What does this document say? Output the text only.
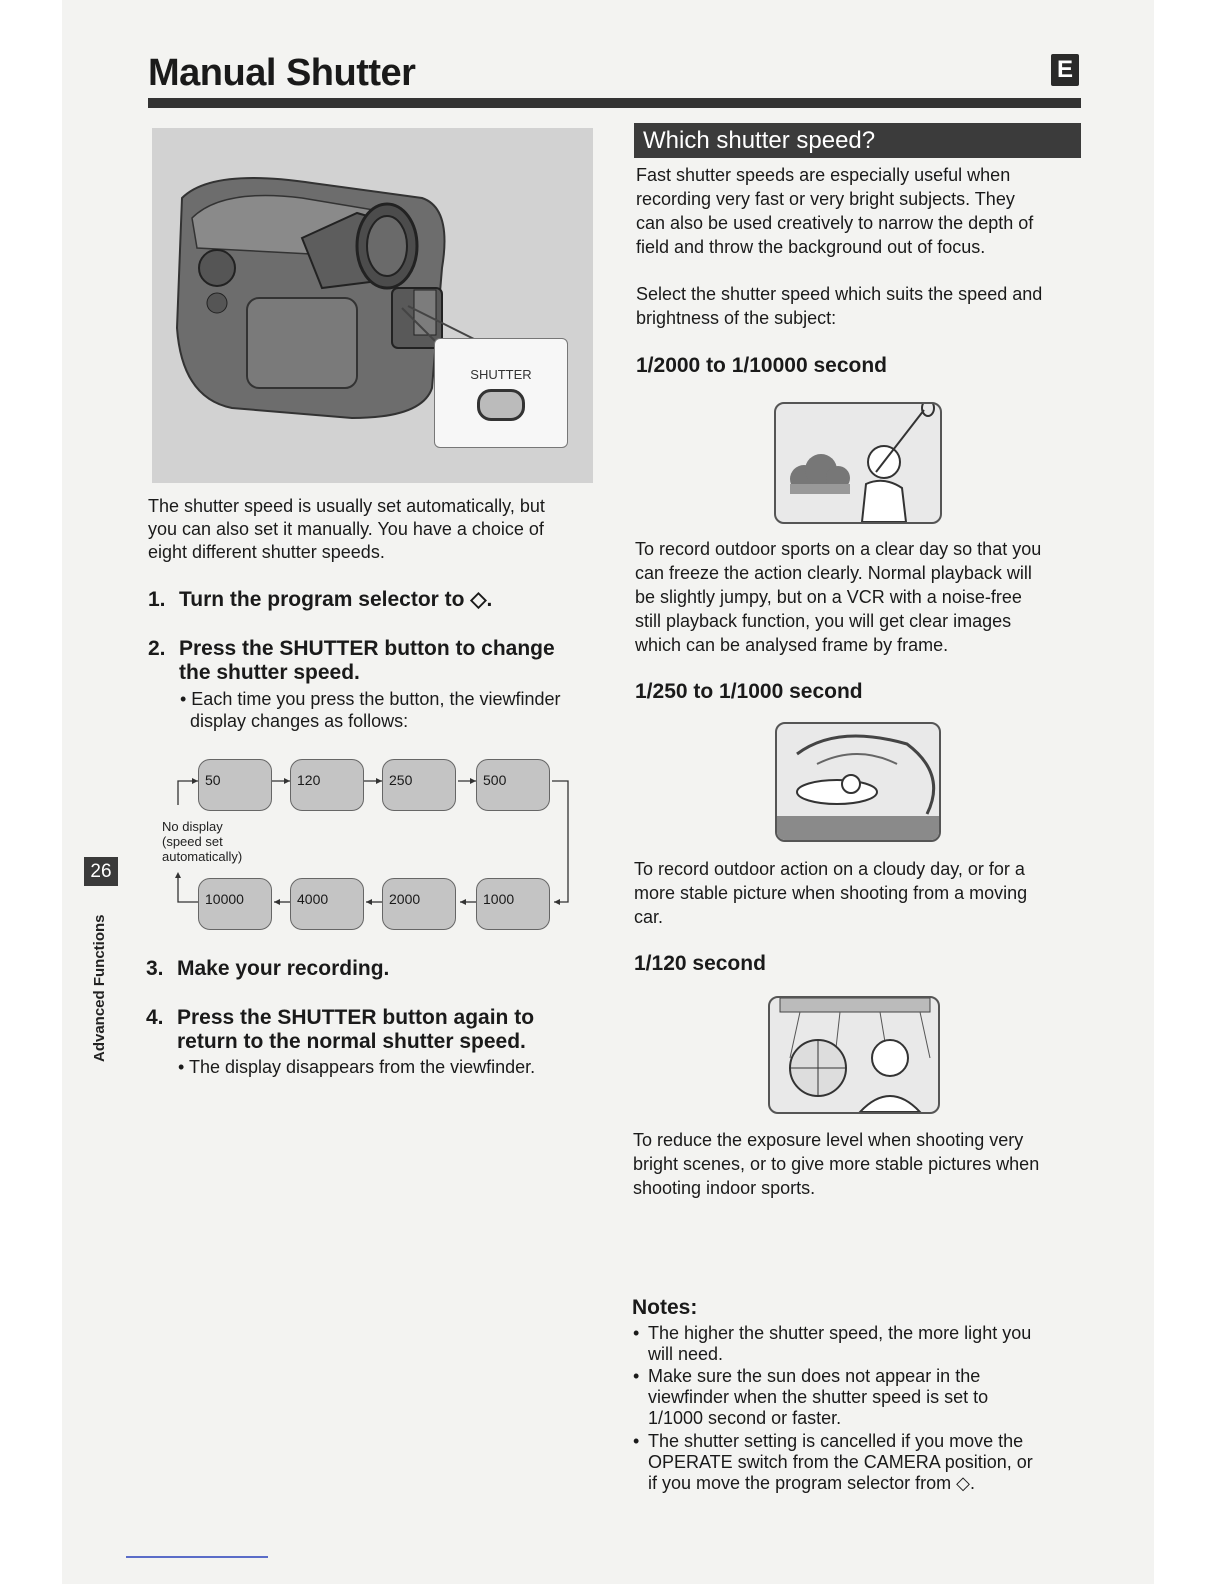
Manual Shutter	E
SHUTTER
The shutter speed is usually set automatically, but
you can also set it manually. You have a choice of
eight different shutter speeds.
1. Turn the program selector to ◇.
2. Press the SHUTTER button to change
the shutter speed.
• Each time you press the button, the viewfinder
display changes as follows:
50	120	250	500
10000	4000	2000	1000
No display
(speed set
automatically)
3. Make your recording.
4. Press the SHUTTER button again to
return to the normal shutter speed.
• The display disappears from the viewfinder.
26
Advanced Functions
Which shutter speed?
Fast shutter speeds are especially useful when
recording very fast or very bright subjects. They
can also be used creatively to narrow the depth of
field and throw the background out of focus.
Select the shutter speed which suits the speed and
brightness of the subject:
1/2000 to 1/10000 second
To record outdoor sports on a clear day so that you
can freeze the action clearly. Normal playback will
be slightly jumpy, but on a VCR with a noise-free
still playback function, you will get clear images
which can be analysed frame by frame.
1/250 to 1/1000 second
To record outdoor action on a cloudy day, or for a
more stable picture when shooting from a moving
car.
1/120 second
To reduce the exposure level when shooting very
bright scenes, or to give more stable pictures when
shooting indoor sports.
Notes:
• The higher the shutter speed, the more light you
will need.
• Make sure the sun does not appear in the
viewfinder when the shutter speed is set to
1/1000 second or faster.
• The shutter setting is cancelled if you move the
OPERATE switch from the CAMERA position, or
if you move the program selector from ◇.
